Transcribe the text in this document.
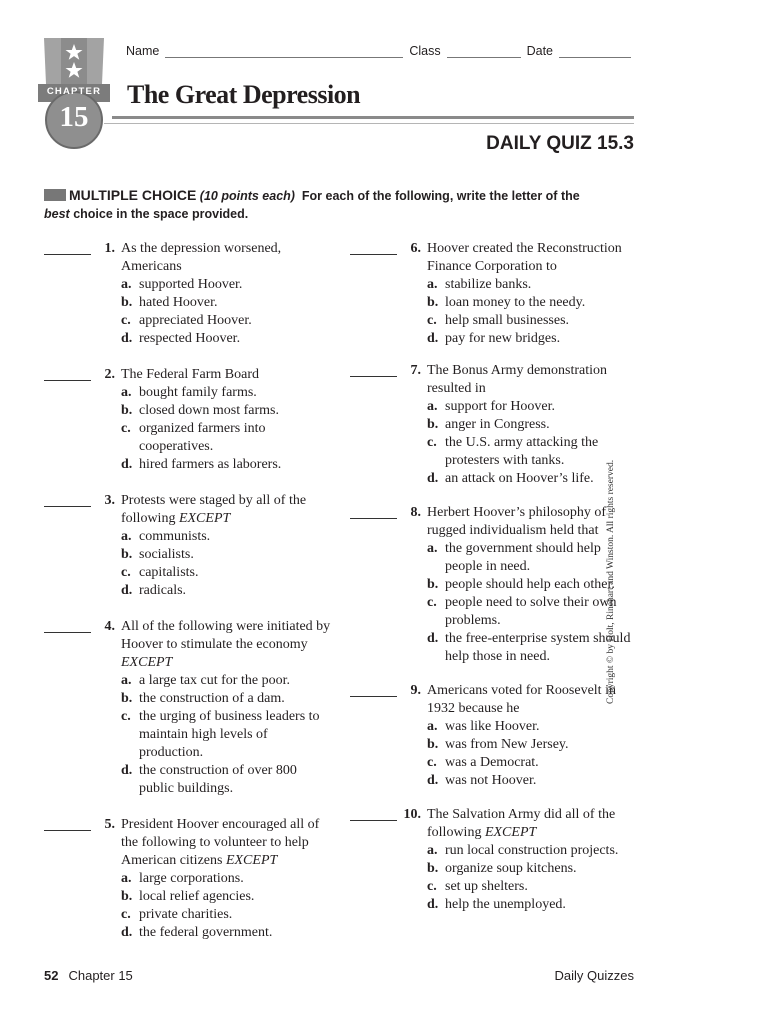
CHAPTER
15
Name	Class	Date
The Great Depression
DAILY QUIZ 15.3
MULTIPLE CHOICE (10 points each) For each of the following, write the letter of the best choice in the space provided.
1. As the depression worsened, Americans
a. supported Hoover.
b. hated Hoover.
c. appreciated Hoover.
d. respected Hoover.
2. The Federal Farm Board
a. bought family farms.
b. closed down most farms.
c. organized farmers into cooperatives.
d. hired farmers as laborers.
3. Protests were staged by all of the following EXCEPT
a. communists.
b. socialists.
c. capitalists.
d. radicals.
4. All of the following were initiated by Hoover to stimulate the economy EXCEPT
a. a large tax cut for the poor.
b. the construction of a dam.
c. the urging of business leaders to maintain high levels of production.
d. the construction of over 800 public buildings.
5. President Hoover encouraged all of the following to volunteer to help American citizens EXCEPT
a. large corporations.
b. local relief agencies.
c. private charities.
d. the federal government.
6. Hoover created the Reconstruction Finance Corporation to
a. stabilize banks.
b. loan money to the needy.
c. help small businesses.
d. pay for new bridges.
7. The Bonus Army demonstration resulted in
a. support for Hoover.
b. anger in Congress.
c. the U.S. army attacking the protesters with tanks.
d. an attack on Hoover’s life.
8. Herbert Hoover’s philosophy of rugged individualism held that
a. the government should help people in need.
b. people should help each other.
c. people need to solve their own problems.
d. the free-enterprise system should help those in need.
9. Americans voted for Roosevelt in 1932 because he
a. was like Hoover.
b. was from New Jersey.
c. was a Democrat.
d. was not Hoover.
10. The Salvation Army did all of the following EXCEPT
a. run local construction projects.
b. organize soup kitchens.
c. set up shelters.
d. help the unemployed.
Copyright © by Holt, Rinehart and Winston. All rights reserved.
52 Chapter 15	Daily Quizzes
